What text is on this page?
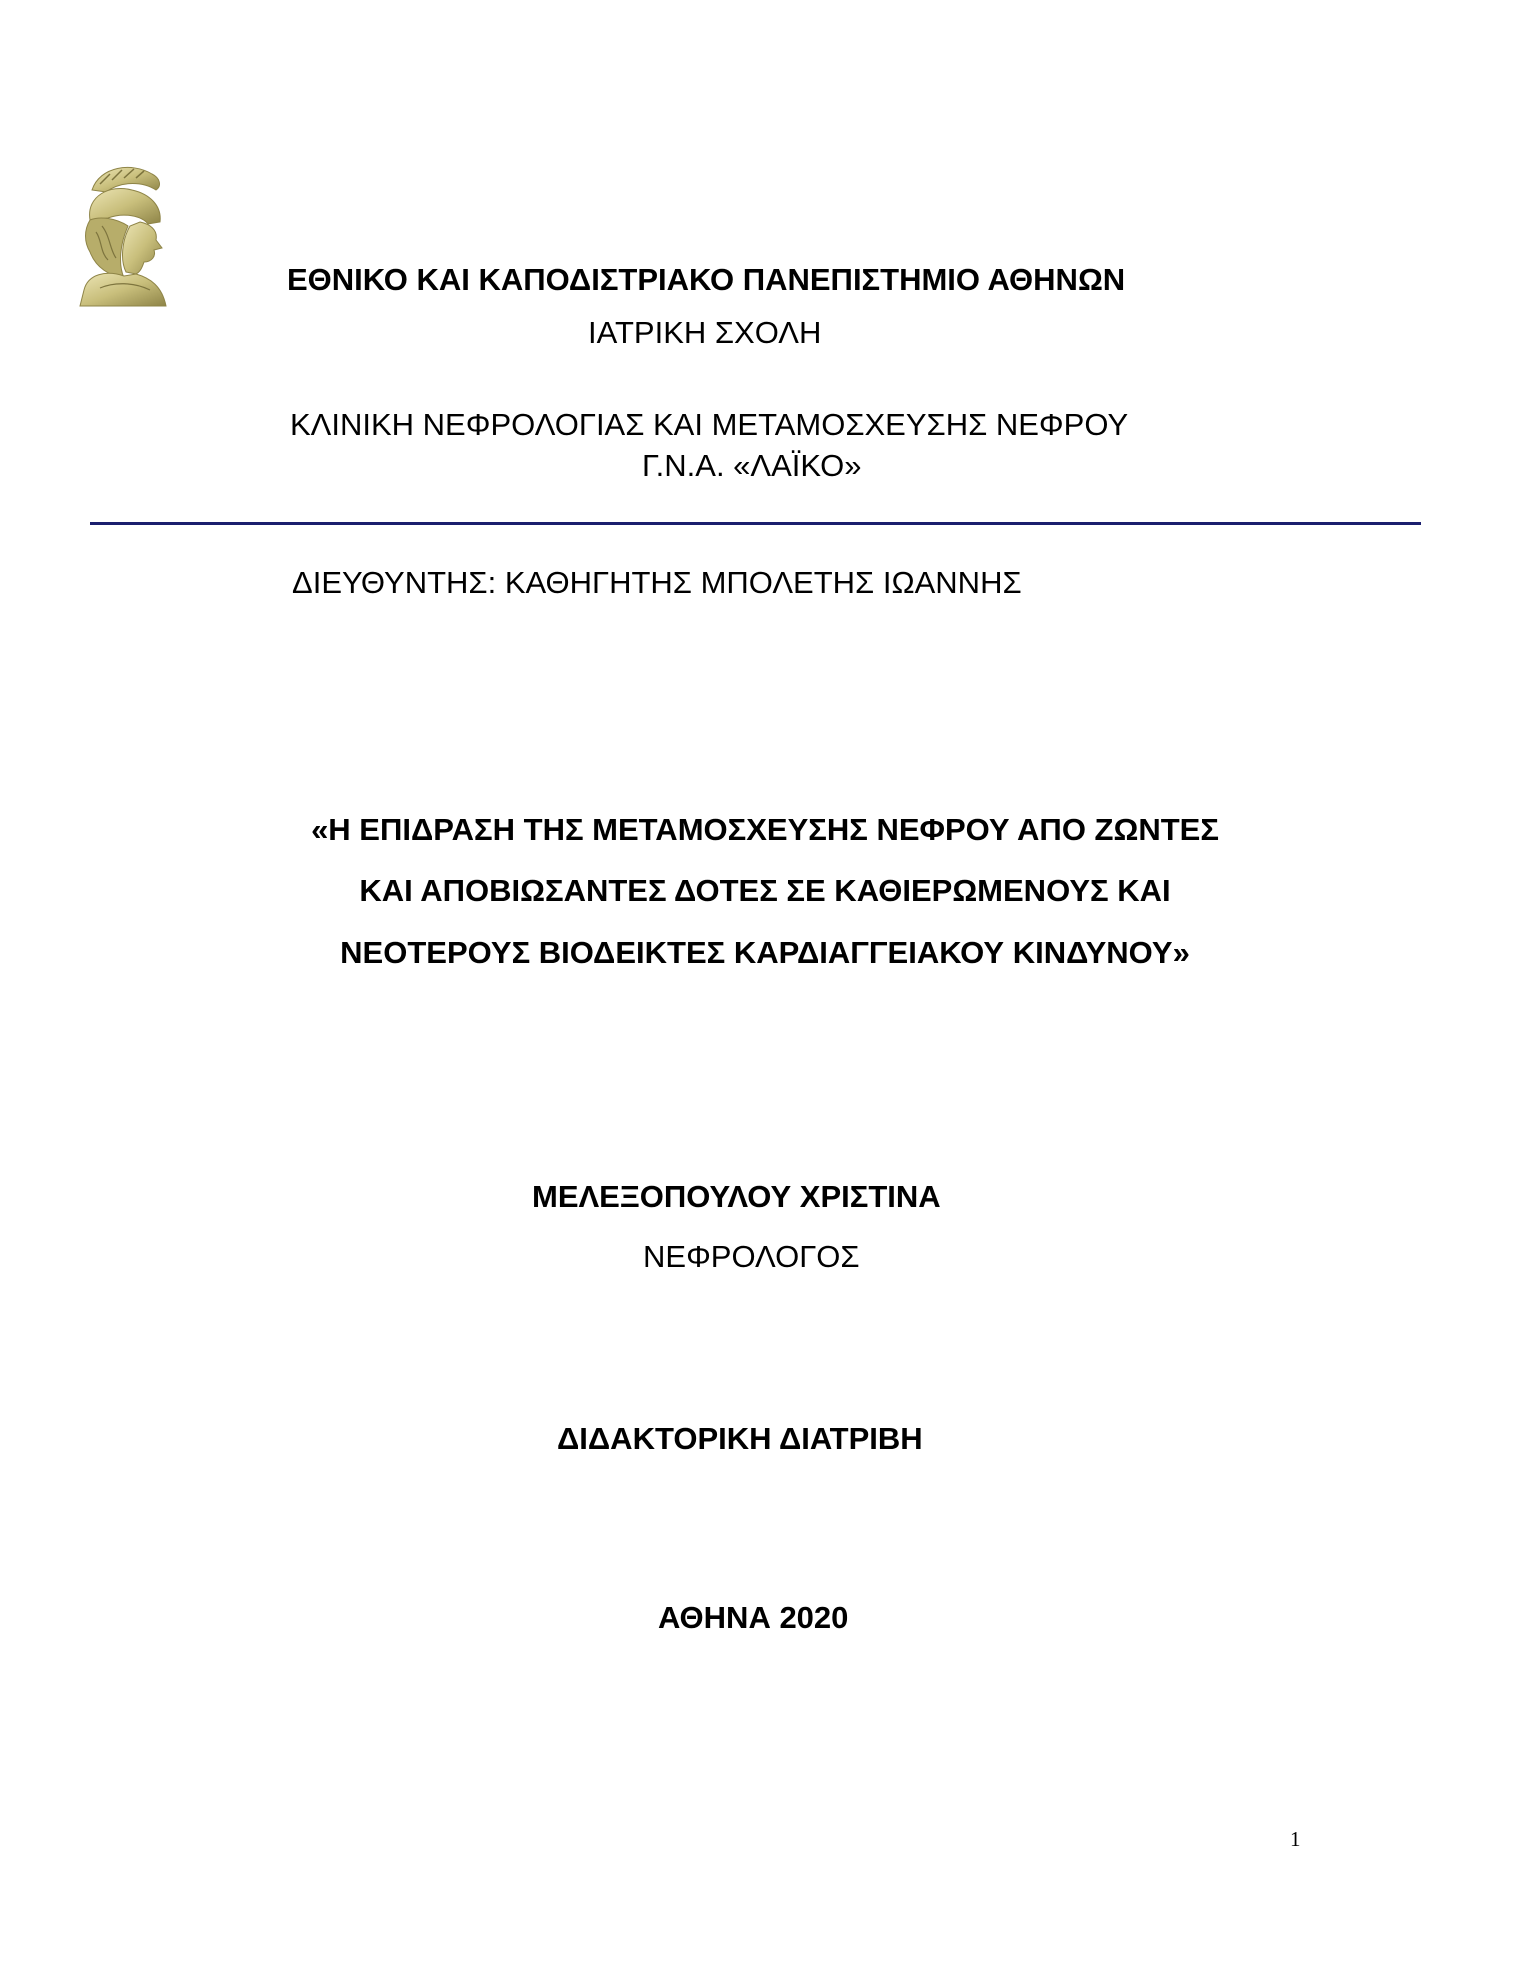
ΕΘΝΙΚΟ ΚΑΙ ΚΑΠΟΔΙΣΤΡΙΑΚΟ ΠΑΝΕΠΙΣΤΗΜΙΟ ΑΘΗΝΩΝ
ΙΑΤΡΙΚΗ ΣΧΟΛΗ
ΚΛΙΝΙΚΗ ΝΕΦΡΟΛΟΓΙΑΣ ΚΑΙ ΜΕΤΑΜΟΣΧΕΥΣΗΣ ΝΕΦΡΟΥ
Γ.Ν.Α. «ΛΑΪΚΟ»
ΔΙΕΥΘΥΝΤΗΣ: ΚΑΘΗΓΗΤΗΣ ΜΠΟΛΕΤΗΣ ΙΩΑΝΝΗΣ
«Η ΕΠΙΔΡΑΣΗ ΤΗΣ ΜΕΤΑΜΟΣΧΕΥΣΗΣ ΝΕΦΡΟΥ ΑΠΟ ΖΩΝΤΕΣ
ΚΑΙ ΑΠΟΒΙΩΣΑΝΤΕΣ ΔΟΤΕΣ ΣΕ ΚΑΘΙΕΡΩΜΕΝΟΥΣ ΚΑΙ
ΝΕΟΤΕΡΟΥΣ ΒΙΟΔΕΙΚΤΕΣ ΚΑΡΔΙΑΓΓΕΙΑΚΟΥ ΚΙΝΔΥΝΟΥ»
ΜΕΛΕΞΟΠΟΥΛΟΥ ΧΡΙΣΤΙΝΑ
ΝΕΦΡΟΛΟΓΟΣ
ΔΙΔΑΚΤΟΡΙΚΗ ΔΙΑΤΡΙΒΗ
ΑΘΗΝΑ 2020
1
